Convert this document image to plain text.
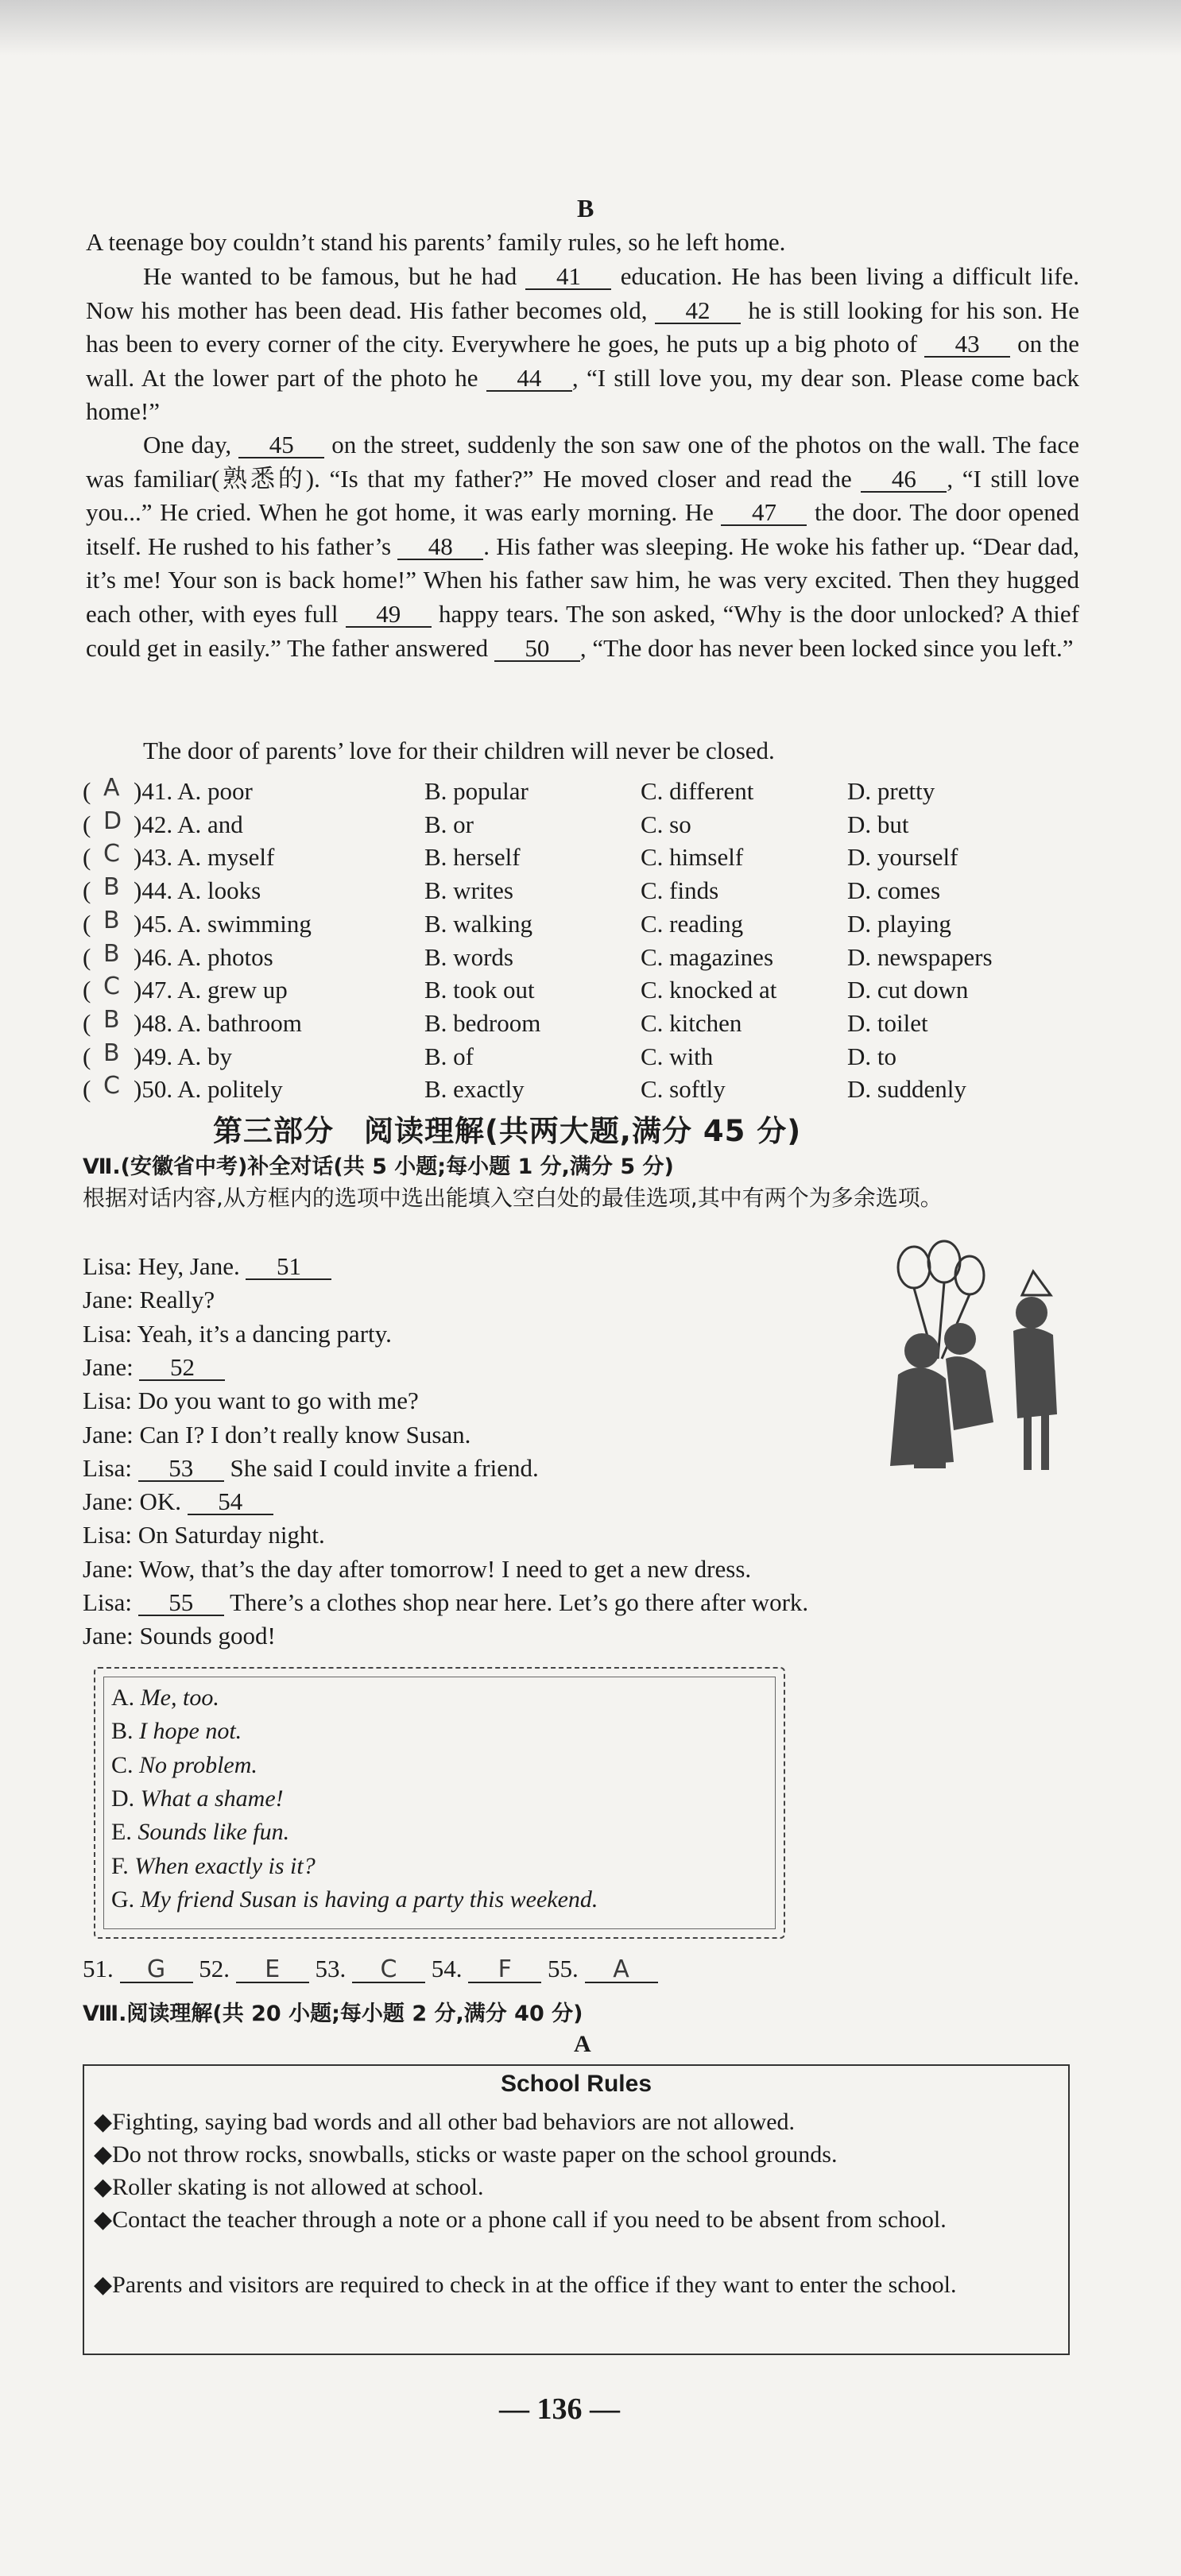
B
A teenage boy couldn’t stand his parents’ family rules, so he left home.
He wanted to be famous, but he had 41 education. He has been living a difficult life. Now his mother has been dead. His father becomes old, 42 he is still looking for his son. He has been to every corner of the city. Everywhere he goes, he puts up a big photo of 43 on the wall. At the lower part of the photo he 44 , “I still love you, my dear son. Please come back home!”
One day, 45 on the street, suddenly the son saw one of the photos on the wall. The face was familiar(熟悉的). “Is that my father?” He moved closer and read the 46 , “I still love you...” He cried. When he got home, it was early morning. He 47 the door. The door opened itself. He rushed to his father’s 48 . His father was sleeping. He woke his father up. “Dear dad, it’s me! Your son is back home!” When his father saw him, he was very excited. Then they hugged each other, with eyes full 49 happy tears. The son asked, “Why is the door unlocked? A thief could get in easily.” The father answered 50 , “The door has never been locked since you left.”
The door of parents’ love for their children will never be closed.
( A )41. A. poor	B. popular	C. different	D. pretty
( D )42. A. and	B. or	C. so	D. but
( C )43. A. myself	B. herself	C. himself	D. yourself
( B )44. A. looks	B. writes	C. finds	D. comes
( B )45. A. swimming	B. walking	C. reading	D. playing
( B )46. A. photos	B. words	C. magazines	D. newspapers
( C )47. A. grew up	B. took out	C. knocked at	D. cut down
( B )48. A. bathroom	B. bedroom	C. kitchen	D. toilet
( B )49. A. by	B. of	C. with	D. to
( C )50. A. politely	B. exactly	C. softly	D. suddenly
第三部分　阅读理解(共两大题,满分 45 分)
Ⅶ.(安徽省中考)补全对话(共 5 小题;每小题 1 分,满分 5 分)
根据对话内容,从方框内的选项中选出能填入空白处的最佳选项,其中有两个为多余选项。
Lisa: Hey, Jane. 51
Jane: Really?
Lisa: Yeah, it’s a dancing party.
Jane: 52
Lisa: Do you want to go with me?
Jane: Can I? I don’t really know Susan.
Lisa: 53 She said I could invite a friend.
Jane: OK. 54
Lisa: On Saturday night.
Jane: Wow, that’s the day after tomorrow! I need to get a new dress.
Lisa: 55 There’s a clothes shop near here. Let’s go there after work.
Jane: Sounds good!
A. Me, too.
B. I hope not.
C. No problem.
D. What a shame!
E. Sounds like fun.
F. When exactly is it?
G. My friend Susan is having a party this weekend.
51. G 52. E 53. C 54. F 55. A
Ⅷ.阅读理解(共 20 小题;每小题 2 分,满分 40 分)
A
School Rules
◆Fighting, saying bad words and all other bad behaviors are not allowed.
◆Do not throw rocks, snowballs, sticks or waste paper on the school grounds.
◆Roller skating is not allowed at school.
◆Contact the teacher through a note or a phone call if you need to be absent from school.
◆Parents and visitors are required to check in at the office if they want to enter the school.
— 136 —
